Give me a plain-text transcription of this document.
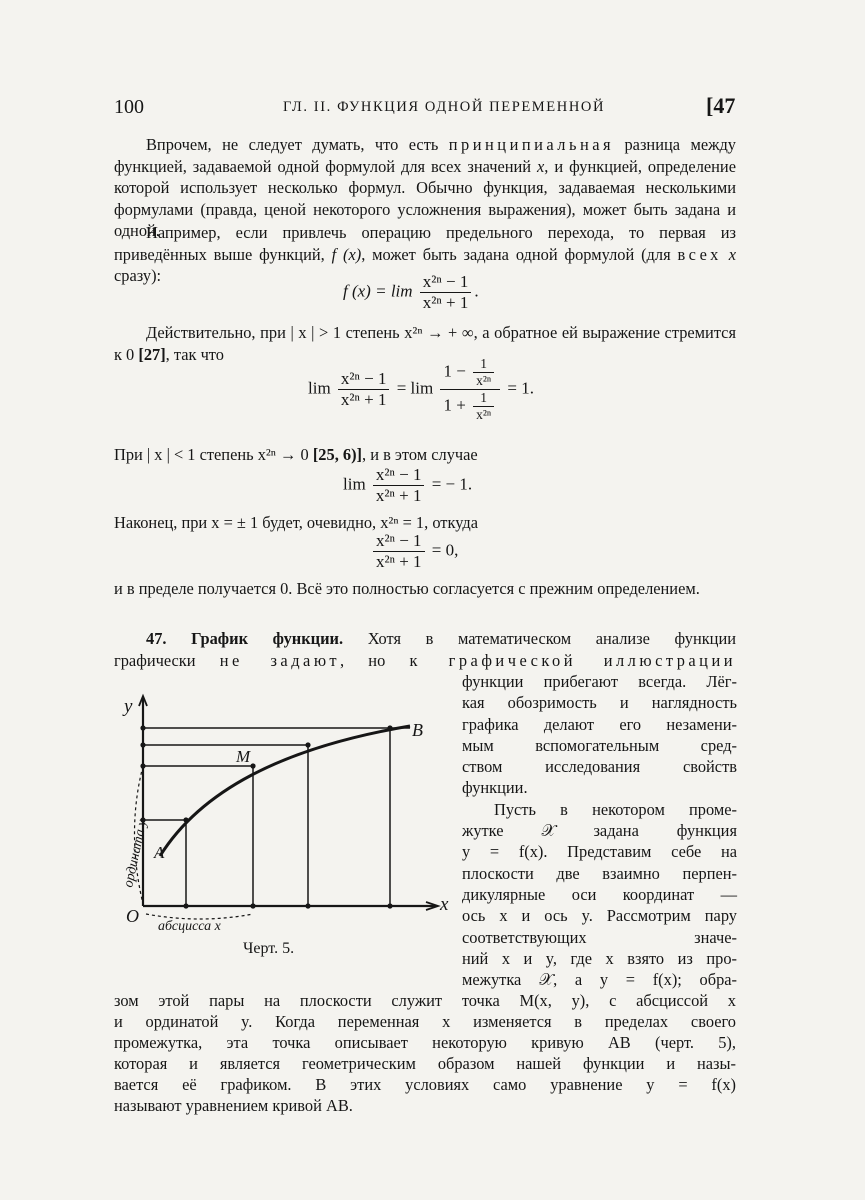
100	ГЛ. II. ФУНКЦИЯ ОДНОЙ ПЕРЕМЕННОЙ	[47
Впрочем, не следует думать, что есть принципиальная разница между функцией, задаваемой одной формулой для всех значений x, и функцией, определение которой использует несколько формул. Обычно функция, задаваемая несколькими формулами (правда, ценой некоторого усложнения выражения), может быть задана и одной.
Например, если привлечь операцию предельного перехода, то первая из приведённых выше функций, f (x), может быть задана одной формулой (для всех x сразу):
f $(x) = \lim \frac{\text{x²ⁿ − 1}}{\text{x²ⁿ + 1}}$ .
Действительно, при | x | > 1 степень x²ⁿ → + ∞, а обратное ей выражение стремится к 0 [27], так что
$\lim \frac{\text{x²ⁿ − 1}}{\text{x²ⁿ + 1}} = \lim \frac{1 - \frac{1}{\text{x²ⁿ}}}{1 + \frac{1}{\text{x²ⁿ}}} = 1$.
При | x | < 1 степень x²ⁿ → 0 [25, 6)], и в этом случае
$\lim \frac{\text{x²ⁿ − 1}}{\text{x²ⁿ + 1}}$ = − 1.
Наконец, при x = ± 1 будет, очевидно, x²ⁿ = 1, откуда
$\frac{\text{x²ⁿ − 1}}{\text{x²ⁿ + 1}} = 0$,
и в пределе получается 0. Всё это полностью согласуется с прежним определением.
47. График функции. Хотя в математическом анализе функции
графически не задают, но к графической иллюстрации
функции прибегают всегда. Лёг-
кая обозримость и наглядность
графика делают его незамени-
мым вспомогательным сред-
ством исследования свойств
функции.
Пусть в некотором проме-
жутке 𝒳 задана функция
y = f(x). Представим себе на
плоскости две взаимно перпен-
дикулярные оси координат —
ось x и ось y. Рассмотрим пару
соответствующих значе-
ний x и y, где x взято из про-
межутка 𝒳, а y = f(x); обра-
y
x
O
B
M
A
абсцисса x
ордината y
Черт. 5.
зом этой пары на плоскости служит точка M(x, y), с абсциссой x
и ординатой y. Когда переменная x изменяется в пределах своего
промежутка, эта точка описывает некоторую кривую AB (черт. 5),
которая и является геометрическим образом нашей функции и назы-
вается её графиком. В этих условиях само уравнение y = f(x)
называют уравнением кривой AB.
